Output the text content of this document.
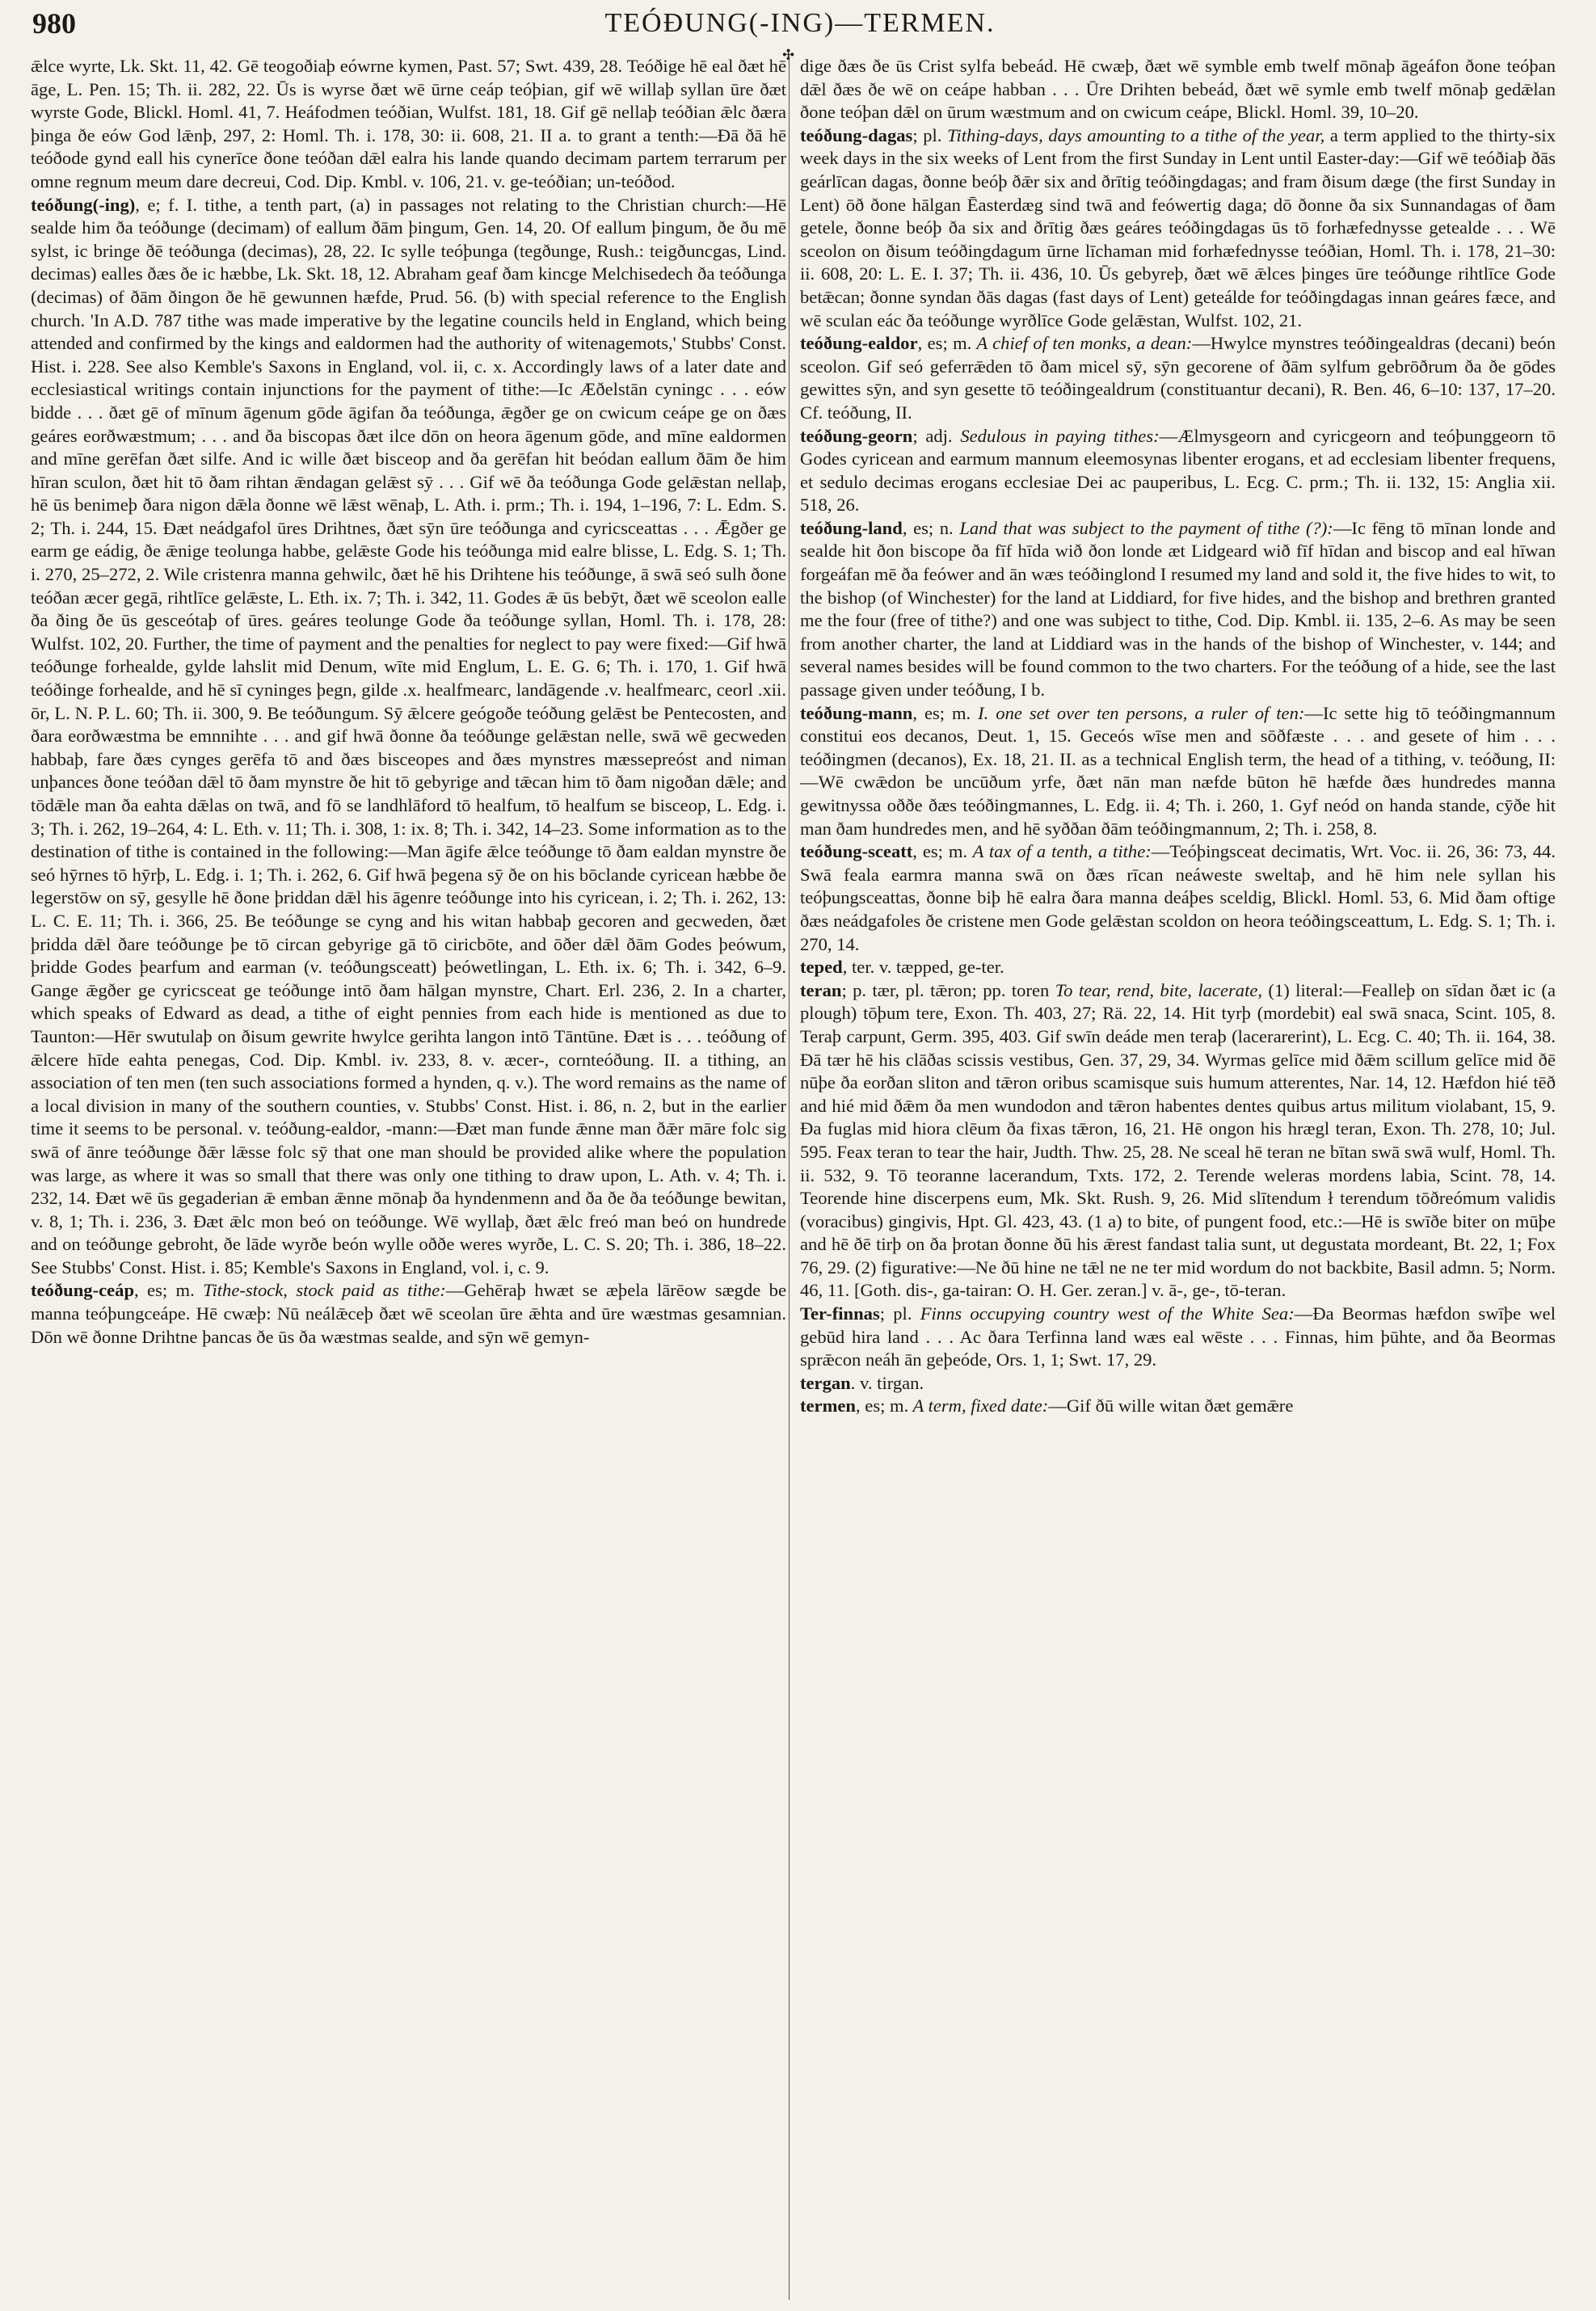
980	TEÓÐUNG(-ING)—TERMEN.
✣

ǣlce wyrte, Lk. Skt. 11, 42. Gē teogoðiaþ eówrne kymen, Past. 57; Swt. 439, 28. Teóðige hē eal ðæt hē āge, L. Pen. 15; Th. ii. 282, 22. Ūs is wyrse ðæt wē ūrne ceáp teóþian, gif wē willaþ syllan ūre ðæt wyrste Gode, Blickl. Homl. 41, 7. Heáfodmen teóðian, Wulfst. 181, 18. Gif gē nellaþ teóðian ǣlc ðæra þinga ðe eów God lǣnþ, 297, 2: Homl. Th. i. 178, 30: ii. 608, 21. II a. to grant a tenth:—Ðā ðā hē teóðode gynd eall his cynerīce ðone teóðan dǣl ealra his lande quando decimam partem terrarum per omne regnum meum dare decreui, Cod. Dip. Kmbl. v. 106, 21. v. ge-teóðian; un-teóðod.

teóðung(-ing), e; f. I. tithe, a tenth part, (a) in passages not relating to the Christian church:—Hē sealde him ða teóðunge (decimam) of eallum ðām þingum, Gen. 14, 20. Of eallum þingum, ðe ðu mē sylst, ic bringe ðē teóðunga (decimas), 28, 22. Ic sylle teóþunga (tegðunge, Rush.: teigðuncgas, Lind. decimas) ealles ðæs ðe ic hæbbe, Lk. Skt. 18, 12. Abraham geaf ðam kincge Melchisedech ða teóðunga (decimas) of ðām ðingon ðe hē gewunnen hæfde, Prud. 56. (b) with special reference to the English church. 'In A.D. 787 tithe was made imperative by the legatine councils held in England, which being attended and confirmed by the kings and ealdormen had the authority of witenagemots,' Stubbs' Const. Hist. i. 228. See also Kemble's Saxons in England, vol. ii, c. x. Accordingly laws of a later date and ecclesiastical writings contain injunctions for the payment of tithe:—Ic Æðelstān cyningc . . . eów bidde . . . ðæt gē of mīnum āgenum gōde āgifan ða teóðunga, ǣgðer ge on cwicum ceápe ge on ðæs geáres eorðwæstmum; . . . and ða biscopas ðæt ilce dōn on heora āgenum gōde, and mīne ealdormen and mīne gerēfan ðæt silfe. And ic wille ðæt bisceop and ða gerēfan hit beódan eallum ðām ðe him hīran sculon, ðæt hit tō ðam rihtan ǣndagan gelǣst sȳ . . . Gif wē ða teóðunga Gode gelǣstan nellaþ, hē ūs benimeþ ðara nigon dǣla ðonne wē lǣst wēnaþ, L. Ath. i. prm.; Th. i. 194, 1–196, 7: L. Edm. S. 2; Th. i. 244, 15. Ðæt neádgafol ūres Drihtnes, ðæt sȳn ūre teóðunga and cyricsceattas . . . Ǣgðer ge earm ge eádig, ðe ǣnige teolunga habbe, gelǣste Gode his teóðunga mid ealre blisse, L. Edg. S. 1; Th. i. 270, 25–272, 2. Wile cristenra manna gehwilc, ðæt hē his Drihtene his teóðunge, ā swā seó sulh ðone teóðan æcer gegā, rihtlīce gelǣste, L. Eth. ix. 7; Th. i. 342, 11. Godes ǣ ūs bebȳt, ðæt wē sceolon ealle ða ðing ðe ūs gesceótaþ of ūres. geáres teolunge Gode ða teóðunge syllan, Homl. Th. i. 178, 28: Wulfst. 102, 20. Further, the time of payment and the penalties for neglect to pay were fixed:—Gif hwā teóðunge forhealde, gylde lahslit mid Denum, wīte mid Englum, L. E. G. 6; Th. i. 170, 1. Gif hwā teóðinge forhealde, and hē sī cyninges þegn, gilde .x. healfmearc, landāgende .v. healfmearc, ceorl .xii. ōr, L. N. P. L. 60; Th. ii. 300, 9. Be teóðungum. Sȳ ǣlcere geógoðe teóðung gelǣst be Pentecosten, and ðara eorðwæstma be emnnihte . . . and gif hwā ðonne ða teóðunge gelǣstan nelle, swā wē gecweden habbaþ, fare ðæs cynges gerēfa tō and ðæs bisceopes and ðæs mynstres mæssepreóst and niman unþances ðone teóðan dǣl tō ðam mynstre ðe hit tō gebyrige and tǣcan him tō ðam nigoðan dǣle; and tōdǣle man ða eahta dǣlas on twā, and fō se landhlāford tō healfum, tō healfum se bisceop, L. Edg. i. 3; Th. i. 262, 19–264, 4: L. Eth. v. 11; Th. i. 308, 1: ix. 8; Th. i. 342, 14–23. Some information as to the destination of tithe is contained in the following:—Man āgife ǣlce teóðunge tō ðam ealdan mynstre ðe seó hȳrnes tō hȳrþ, L. Edg. i. 1; Th. i. 262, 6. Gif hwā þegena sȳ ðe on his bōclande cyricean hæbbe ðe legerstōw on sȳ, gesylle hē ðone þriddan dǣl his āgenre teóðunge into his cyricean, i. 2; Th. i. 262, 13: L. C. E. 11; Th. i. 366, 25. Be teóðunge se cyng and his witan habbaþ gecoren and gecweden, ðæt þridda dǣl ðare teóðunge þe tō circan gebyrige gā tō ciricbōte, and ōðer dǣl ðām Godes þeówum, þridde Godes þearfum and earman (v. teóðungsceatt) þeówetlingan, L. Eth. ix. 6; Th. i. 342, 6–9. Gange ǣgðer ge cyricsceat ge teóðunge intō ðam hālgan mynstre, Chart. Erl. 236, 2. In a charter, which speaks of Edward as dead, a tithe of eight pennies from each hide is mentioned as due to Taunton:—Hēr swutulaþ on ðisum gewrite hwylce gerihta langon intō Tāntūne. Ðæt is . . . teóðung of ǣlcere hīde eahta penegas, Cod. Dip. Kmbl. iv. 233, 8. v. æcer-, cornteóðung. II. a tithing, an association of ten men (ten such associations formed a hynden, q. v.). The word remains as the name of a local division in many of the southern counties, v. Stubbs' Const. Hist. i. 86, n. 2, but in the earlier time it seems to be personal. v. teóðung-ealdor, -mann:—Ðæt man funde ǣnne man ðǣr māre folc sig swā of ānre teóðunge ðǣr lǣsse folc sȳ that one man should be provided alike where the population was large, as where it was so small that there was only one tithing to draw upon, L. Ath. v. 4; Th. i. 232, 14. Ðæt wē ūs gegaderian ǣ emban ǣnne mōnaþ ða hyndenmenn and ða ðe ða teóðunge bewitan, v. 8, 1; Th. i. 236, 3. Ðæt ǣlc mon beó on teóðunge. Wē wyllaþ, ðæt ǣlc freó man beó on hundrede and on teóðunge gebroht, ðe lāde wyrðe beón wylle oððe weres wyrðe, L. C. S. 20; Th. i. 386, 18–22. See Stubbs' Const. Hist. i. 85; Kemble's Saxons in England, vol. i, c. 9.

teóðung-ceáp, es; m. Tithe-stock, stock paid as tithe:—Gehēraþ hwæt se æþela lārēow sægde be manna teóþungceápe. Hē cwæþ: Nū neálǣceþ ðæt wē sceolan ūre ǣhta and ūre wæstmas gesamnian. Dōn wē ðonne Drihtne þancas ðe ūs ða wæstmas sealde, and sȳn wē gemyn-

dige ðæs ðe ūs Crist sylfa bebeád. Hē cwæþ, ðæt wē symble emb twelf mōnaþ āgeáfon ðone teóþan dǣl ðæs ðe wē on ceápe habban . . . Ūre Drihten bebeád, ðæt wē symle emb twelf mōnaþ gedǣlan ðone teóþan dǣl on ūrum wæstmum and on cwicum ceápe, Blickl. Homl. 39, 10–20.

teóðung-dagas; pl. Tithing-days, days amounting to a tithe of the year, a term applied to the thirty-six week days in the six weeks of Lent from the first Sunday in Lent until Easter-day:—Gif wē teóðiaþ ðās geárlīcan dagas, ðonne beóþ ðǣr six and ðrītig teóðingdagas; and fram ðisum dæge (the first Sunday in Lent) ōð ðone hālgan Ēasterdæg sind twā and feówertig daga; dō ðonne ða six Sunnandagas of ðam getele, ðonne beóþ ða six and ðrītig ðæs geáres teóðingdagas ūs tō forhæfednysse getealde . . . Wē sceolon on ðisum teóðingdagum ūrne līchaman mid forhæfednysse teóðian, Homl. Th. i. 178, 21–30: ii. 608, 20: L. E. I. 37; Th. ii. 436, 10. Ūs gebyreþ, ðæt wē ǣlces þinges ūre teóðunge rihtlīce Gode betǣcan; ðonne syndan ðās dagas (fast days of Lent) geteálde for teóðingdagas innan geáres fæce, and wē sculan eác ða teóðunge wyrðlīce Gode gelǣstan, Wulfst. 102, 21.

teóðung-ealdor, es; m. A chief of ten monks, a dean:—Hwylce mynstres teóðingealdras (decani) beón sceolon. Gif seó geferrǣden tō ðam micel sȳ, sȳn gecorene of ðām sylfum gebrōðrum ða ðe gōdes gewittes sȳn, and syn gesette tō teóðingealdrum (constituantur decani), R. Ben. 46, 6–10: 137, 17–20. Cf. teóðung, II.

teóðung-georn; adj. Sedulous in paying tithes:—Ælmysgeorn and cyricgeorn and teóþunggeorn tō Godes cyricean and earmum mannum eleemosynas libenter erogans, et ad ecclesiam libenter frequens, et sedulo decimas erogans ecclesiae Dei ac pauperibus, L. Ecg. C. prm.; Th. ii. 132, 15: Anglia xii. 518, 26.

teóðung-land, es; n. Land that was subject to the payment of tithe (?):—Ic fēng tō mīnan londe and sealde hit ðon biscope ða fīf hīda wið ðon londe æt Lidgeard wið fīf hīdan and biscop and eal hīwan forgeáfan mē ða feówer and ān wæs teóðinglond I resumed my land and sold it, the five hides to wit, to the bishop (of Winchester) for the land at Liddiard, for five hides, and the bishop and brethren granted me the four (free of tithe?) and one was subject to tithe, Cod. Dip. Kmbl. ii. 135, 2–6. As may be seen from another charter, the land at Liddiard was in the hands of the bishop of Winchester, v. 144; and several names besides will be found common to the two charters. For the teóðung of a hide, see the last passage given under teóðung, I b.

teóðung-mann, es; m. I. one set over ten persons, a ruler of ten:—Ic sette hig tō teóðingmannum constitui eos decanos, Deut. 1, 15. Geceós wīse men and sōðfæste . . . and gesete of him . . . teóðingmen (decanos), Ex. 18, 21. II. as a technical English term, the head of a tithing, v. teóðung, II:—Wē cwǣdon be uncūðum yrfe, ðæt nān man næfde būton hē hæfde ðæs hundredes manna gewitnyssa oððe ðæs teóðingmannes, L. Edg. ii. 4; Th. i. 260, 1. Gyf neód on handa stande, cȳðe hit man ðam hundredes men, and hē syððan ðām teóðingmannum, 2; Th. i. 258, 8.

teóðung-sceatt, es; m. A tax of a tenth, a tithe:—Teóþingsceat decimatis, Wrt. Voc. ii. 26, 36: 73, 44. Swā feala earmra manna swā on ðæs rīcan neáweste sweltaþ, and hē him nele syllan his teóþungsceattas, ðonne biþ hē ealra ðara manna deáþes sceldig, Blickl. Homl. 53, 6. Mid ðam oftige ðæs neádgafoles ðe cristene men Gode gelǣstan scoldon on heora teóðingsceattum, L. Edg. S. 1; Th. i. 270, 14.

teped, ter. v. tæpped, ge-ter.

teran; p. tær, pl. tǣron; pp. toren To tear, rend, bite, lacerate, (1) literal:—Fealleþ on sīdan ðæt ic (a plough) tōþum tere, Exon. Th. 403, 27; Rä. 22, 14. Hit tyrþ (mordebit) eal swā snaca, Scint. 105, 8. Teraþ carpunt, Germ. 395, 403. Gif swīn deáde men teraþ (lacerarerint), L. Ecg. C. 40; Th. ii. 164, 38. Ðā tær hē his clāðas scissis vestibus, Gen. 37, 29, 34. Wyrmas gelīce mid ðǣm scillum gelīce mid ðē nūþe ða eorðan sliton and tǣron oribus scamisque suis humum atterentes, Nar. 14, 12. Hæfdon hié tēð and hié mid ðǣm ða men wundodon and tǣron habentes dentes quibus artus militum violabant, 15, 9. Ða fuglas mid hiora clēum ða fixas tǣron, 16, 21. Hē ongon his hrægl teran, Exon. Th. 278, 10; Jul. 595. Feax teran to tear the hair, Judth. Thw. 25, 28. Ne sceal hē teran ne bītan swā swā wulf, Homl. Th. ii. 532, 9. Tō teoranne lacerandum, Txts. 172, 2. Terende weleras mordens labia, Scint. 78, 14. Teorende hine discerpens eum, Mk. Skt. Rush. 9, 26. Mid slītendum ł terendum tōðreómum validis (voracibus) gingivis, Hpt. Gl. 423, 43. (1 a) to bite, of pungent food, etc.:—Hē is swīðe biter on mūþe and hē ðē tirþ on ða þrotan ðonne ðū his ǣrest fandast talia sunt, ut degustata mordeant, Bt. 22, 1; Fox 76, 29. (2) figurative:—Ne ðū hine ne tǣl ne ne ter mid wordum do not backbite, Basil admn. 5; Norm. 46, 11. [Goth. dis-, ga-tairan: O. H. Ger. zeran.] v. ā-, ge-, tō-teran.

Ter-finnas; pl. Finns occupying country west of the White Sea:—Ða Beormas hæfdon swīþe wel gebūd hira land . . . Ac ðara Terfinna land wæs eal wēste . . . Finnas, him þūhte, and ða Beormas sprǣcon neáh ān geþeóde, Ors. 1, 1; Swt. 17, 29.

tergan. v. tirgan.

termen, es; m. A term, fixed date:—Gif ðū wille witan ðæt gemǣre
